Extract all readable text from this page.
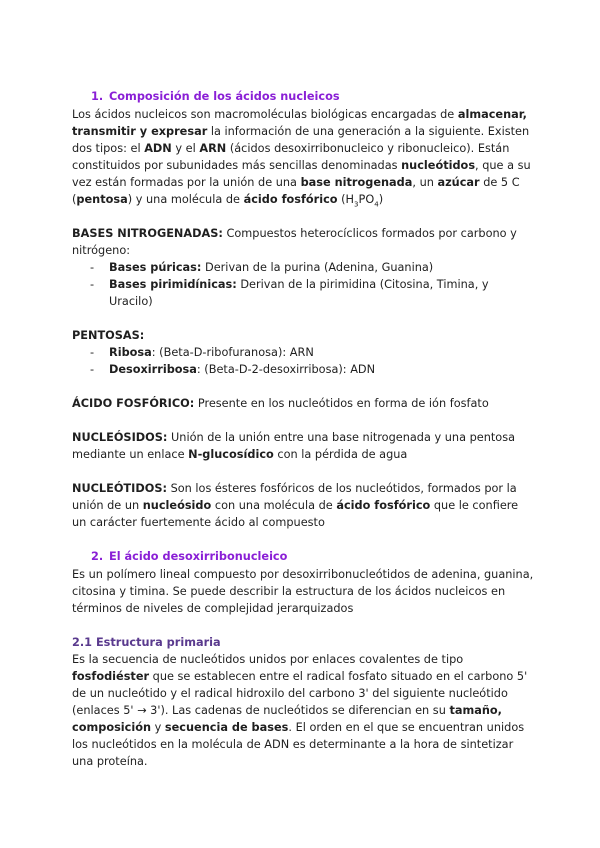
1. Composición de los ácidos nucleicos

Los ácidos nucleicos son macromoléculas biológicas encargadas de almacenar, transmitir y expresar la información de una generación a la siguiente. Existen dos tipos: el ADN y el ARN (ácidos desoxirribonucleico y ribonucleico). Están constituidos por subunidades más sencillas denominadas nucleótidos, que a su vez están formadas por la unión de una base nitrogenada, un azúcar de 5 C (pentosa) y una molécula de ácido fosfórico $(H_3PO_4)$

BASES NITROGENADAS: Compuestos heterocíclicos formados por carbono y nitrógeno:

- Bases púricas: Derivan de la purina (Adenina, Guanina)
- Bases pirimidínicas: Derivan de la pirimidina (Citosina, Timina, y Uracilo)

PENTOSAS:

- Ribosa: (Beta-D-ribofuranosa): ARN
- Desoxirribosa: (Beta-D-2-desoxirribosa): ADN

ÁCIDO FOSFÓRICO: Presente en los nucleótidos en forma de ión fosfato

NUCLEÓSIDOS: Unión de la unión entre una base nitrogenada y una pentosa mediante un enlace N-glucosídico con la pérdida de agua

NUCLEÓTIDOS: Son los ésteres fosfóricos de los nucleótidos, formados por la unión de un nucleósido con una molécula de ácido fosfórico que le confiere un carácter fuertemente ácido al compuesto

2. El ácido desoxirribonucleico

Es un polímero lineal compuesto por desoxirribonucleótidos de adenina, guanina, citosina y timina. Se puede describir la estructura de los ácidos nucleicos en términos de niveles de complejidad jerarquizados

2.1 Estructura primaria

Es la secuencia de nucleótidos unidos por enlaces covalentes de tipo fosfodiéster que se establecen entre el radical fosfato situado en el carbono 5' de un nucleótido y el radical hidroxilo del carbono 3' del siguiente nucleótido (enlaces 5' → 3'). Las cadenas de nucleótidos se diferencian en su tamaño, composición y secuencia de bases. El orden en el que se encuentran unidos los nucleótidos en la molécula de ADN es determinante a la hora de sintetizar una proteína.
